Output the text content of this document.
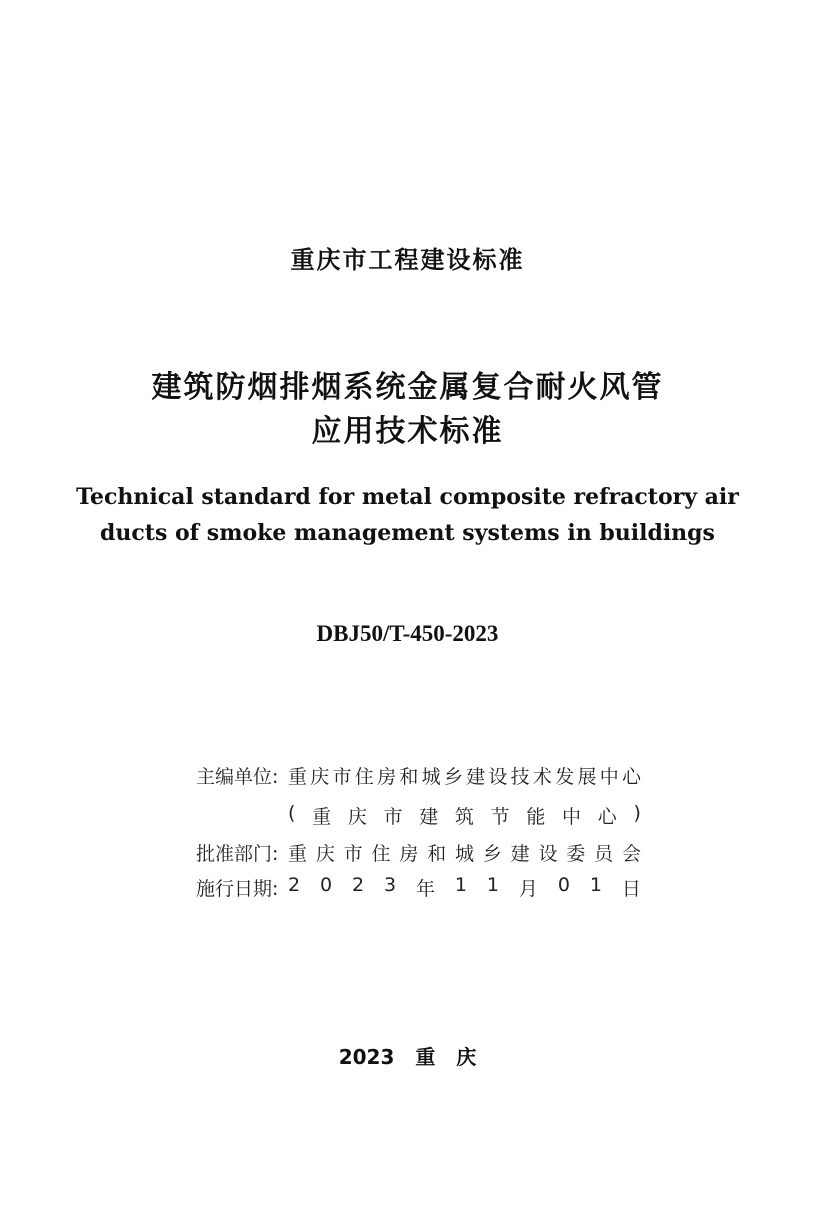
重庆市工程建设标准
建筑防烟排烟系统金属复合耐火风管
应用技术标准

Technical standard for metal composite refractory air

ducts of smoke management systems in buildings

DBJ50/T-450-2023

主编单位: 重 庆 市 住 房 和 城 乡 建 设 技 术 发 展 中 心
( 重 庆 市 建 筑 节 能 中 心 )
批准部门: 重 庆 市 住 房 和 城 乡 建 设 委 员 会
施行日期: 2 0 2 3 年 1 1 月 0 1 日

2023 重 庆
